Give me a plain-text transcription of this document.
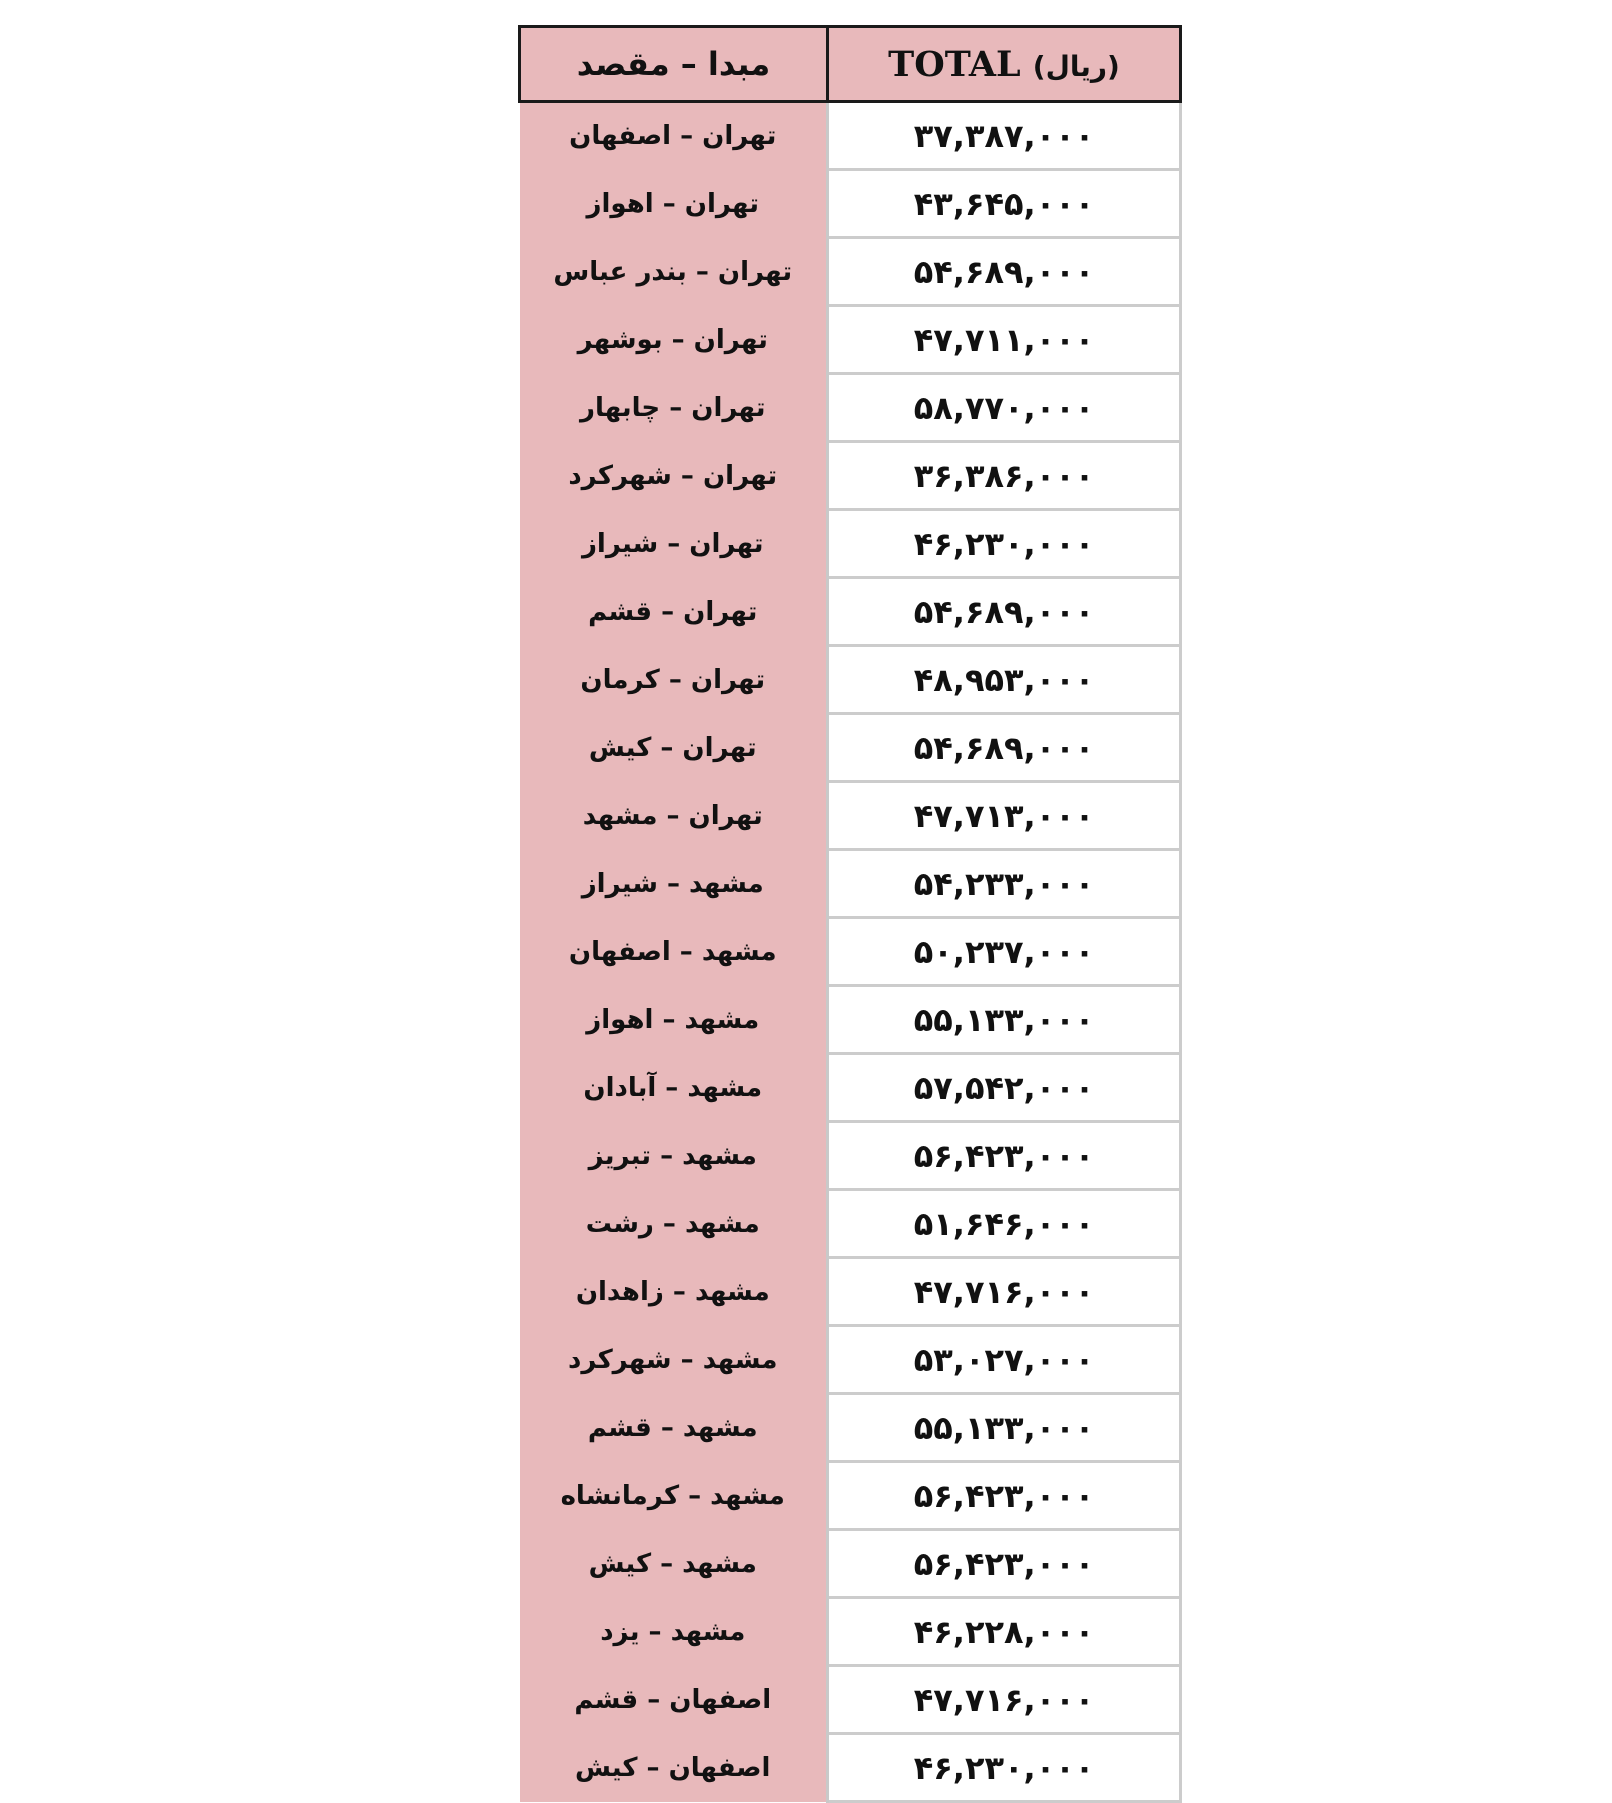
مبدا – مقصد	TOTAL (ریال)
تهران – اصفهان	۳۷,۳۸۷,۰۰۰
تهران – اهواز	۴۳,۶۴۵,۰۰۰
تهران – بندر عباس	۵۴,۶۸۹,۰۰۰
تهران – بوشهر	۴۷,۷۱۱,۰۰۰
تهران – چابهار	۵۸,۷۷۰,۰۰۰
تهران – شهرکرد	۳۶,۳۸۶,۰۰۰
تهران – شیراز	۴۶,۲۳۰,۰۰۰
تهران – قشم	۵۴,۶۸۹,۰۰۰
تهران – کرمان	۴۸,۹۵۳,۰۰۰
تهران – کیش	۵۴,۶۸۹,۰۰۰
تهران – مشهد	۴۷,۷۱۳,۰۰۰
مشهد – شیراز	۵۴,۲۳۳,۰۰۰
مشهد – اصفهان	۵۰,۲۳۷,۰۰۰
مشهد – اهواز	۵۵,۱۳۳,۰۰۰
مشهد – آبادان	۵۷,۵۴۲,۰۰۰
مشهد – تبریز	۵۶,۴۲۳,۰۰۰
مشهد – رشت	۵۱,۶۴۶,۰۰۰
مشهد – زاهدان	۴۷,۷۱۶,۰۰۰
مشهد – شهرکرد	۵۳,۰۲۷,۰۰۰
مشهد – قشم	۵۵,۱۳۳,۰۰۰
مشهد – کرمانشاه	۵۶,۴۲۳,۰۰۰
مشهد – کیش	۵۶,۴۲۳,۰۰۰
مشهد – یزد	۴۶,۲۲۸,۰۰۰
اصفهان – قشم	۴۷,۷۱۶,۰۰۰
اصفهان – کیش	۴۶,۲۳۰,۰۰۰
